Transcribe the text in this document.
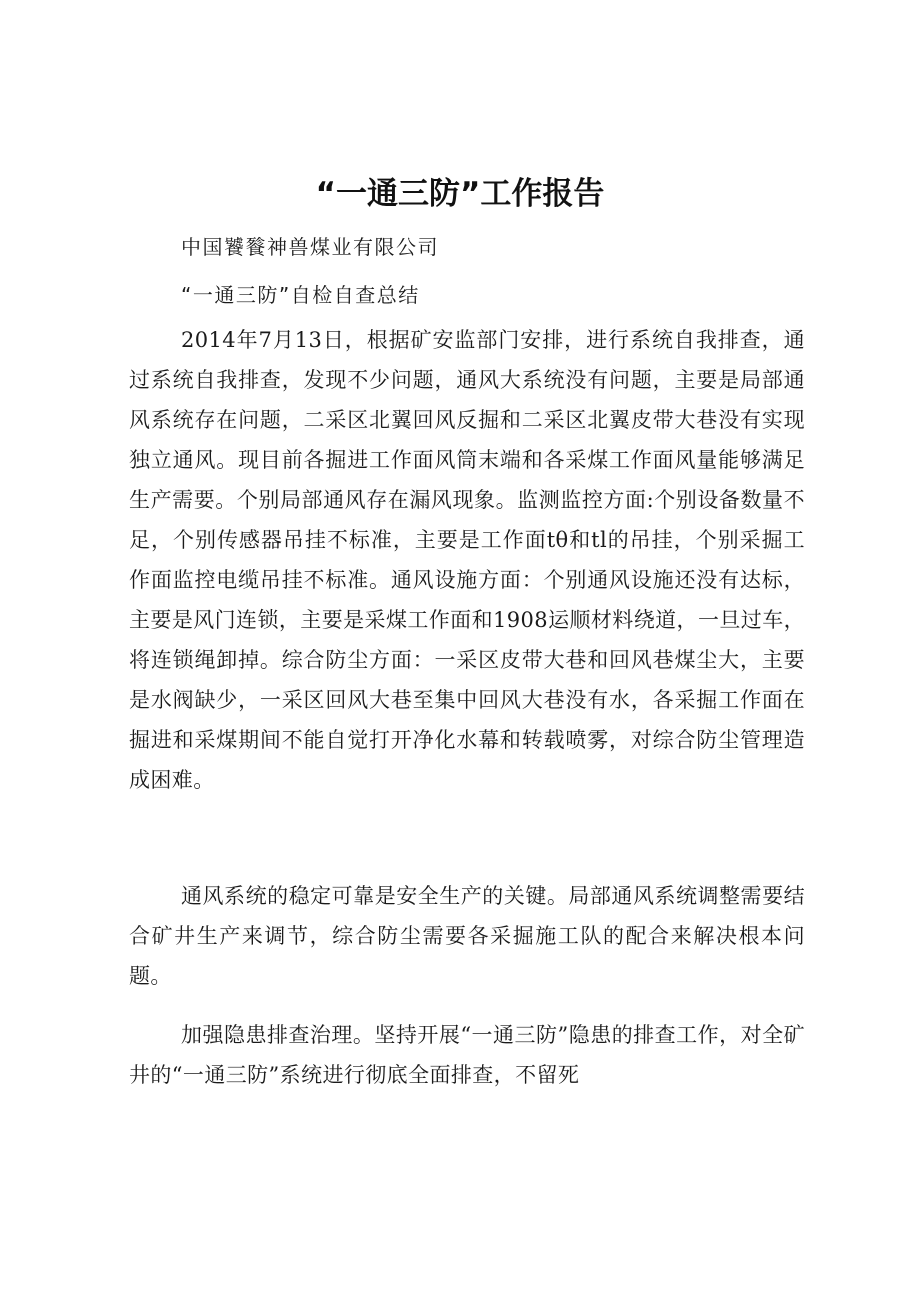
“一通三防”工作报告

中国饕餮神兽煤业有限公司

“一通三防”自检自查总结

2014年7月13日，根据矿安监部门安排，进行系统自我排查，通过系统自我排查，发现不少问题，通风大系统没有问题，主要是局部通风系统存在问题，二采区北翼回风反掘和二采区北翼皮带大巷没有实现独立通风。现目前各掘进工作面风筒末端和各采煤工作面风量能够满足生产需要。个别局部通风存在漏风现象。监测监控方面:个别设备数量不足，个别传感器吊挂不标准，主要是工作面tθ和tl的吊挂，个别采掘工作面监控电缆吊挂不标准。通风设施方面：个别通风设施还没有达标，主要是风门连锁，主要是采煤工作面和1908运顺材料绕道，一旦过车，将连锁绳卸掉。综合防尘方面：一采区皮带大巷和回风巷煤尘大，主要是水阀缺少，一采区回风大巷至集中回风大巷没有水，各采掘工作面在掘进和采煤期间不能自觉打开净化水幕和转载喷雾，对综合防尘管理造成困难。

通风系统的稳定可靠是安全生产的关键。局部通风系统调整需要结合矿井生产来调节，综合防尘需要各采掘施工队的配合来解决根本问题。

加强隐患排查治理。坚持开展“一通三防”隐患的排查工作，对全矿井的“一通三防”系统进行彻底全面排查，不留死
